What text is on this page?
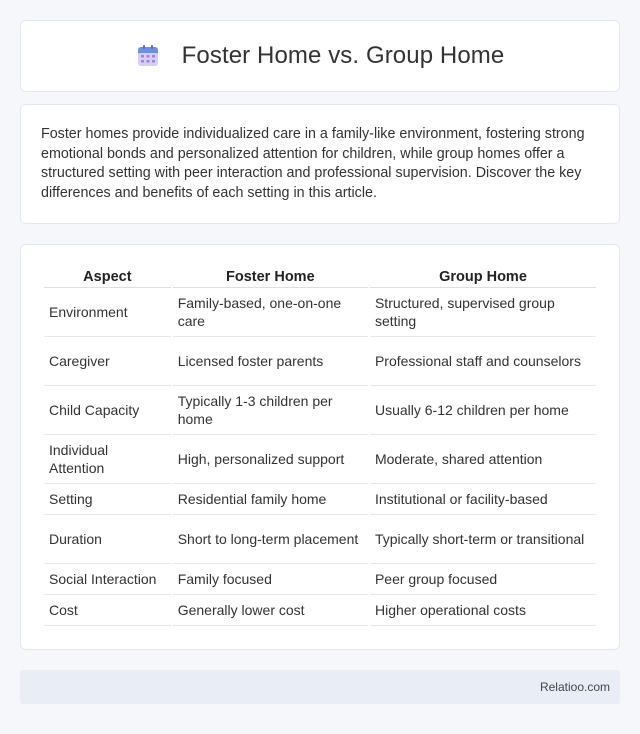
Foster Home vs. Group Home

Foster homes provide individualized care in a family-like environment, fostering strong emotional bonds and personalized attention for children, while group homes offer a structured setting with peer interaction and professional supervision. Discover the key differences and benefits of each setting in this article.

Aspect	Foster Home	Group Home
Environment	Family-based, one-on-one care	Structured, supervised group setting
Caregiver	Licensed foster parents	Professional staff and counselors
Child Capacity	Typically 1-3 children per home	Usually 6-12 children per home
Individual Attention	High, personalized support	Moderate, shared attention
Setting	Residential family home	Institutional or facility-based
Duration	Short to long-term placement	Typically short-term or transitional
Social Interaction	Family focused	Peer group focused
Cost	Generally lower cost	Higher operational costs
Relatioo.com
